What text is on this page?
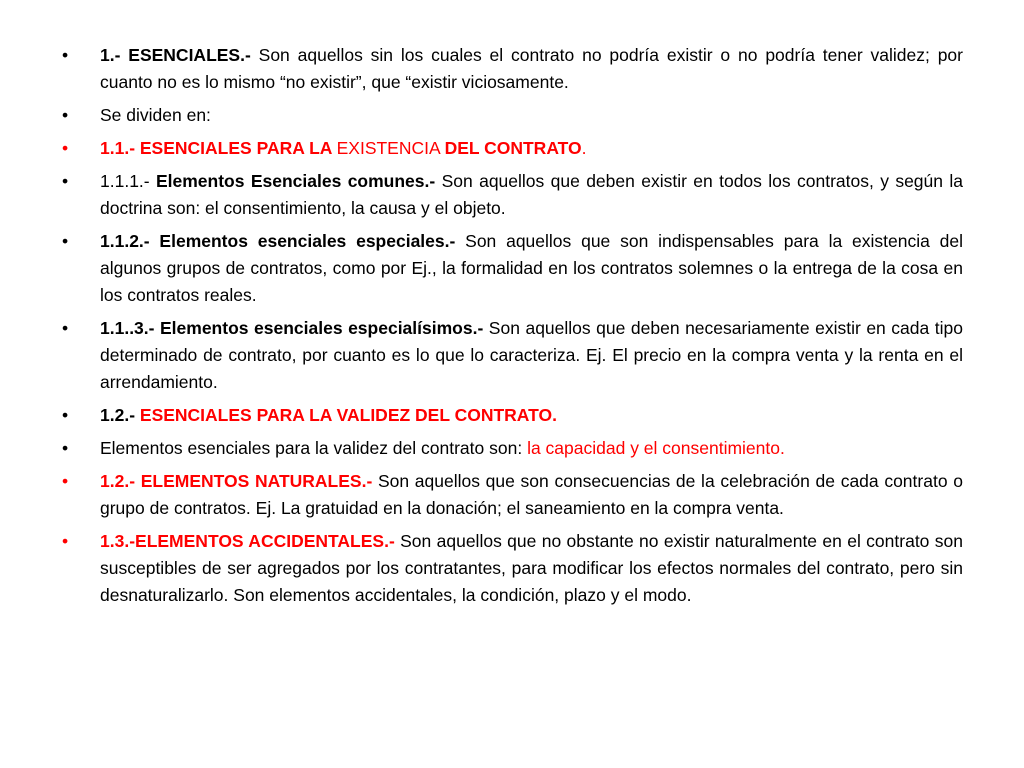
•	1.- ESENCIALES.- Son aquellos sin los cuales el contrato no podría existir o no podría tener validez; por cuanto no es lo mismo “no existir”, que “existir viciosamente.
•	Se dividen en:
•	1.1.- ESENCIALES PARA LA EXISTENCIA DEL CONTRATO.
•	1.1.1.- Elementos Esenciales comunes.- Son aquellos que deben existir en todos los contratos, y según la doctrina son: el consentimiento, la causa y el objeto.
•	1.1.2.- Elementos esenciales especiales.- Son aquellos que son indispensables para la existencia del algunos grupos de contratos, como por Ej., la formalidad en los contratos solemnes o la entrega de la cosa en los contratos reales.
•	1.1..3.- Elementos esenciales especialísimos.- Son aquellos que deben necesariamente existir en cada tipo determinado de contrato, por cuanto es lo que lo caracteriza. Ej. El precio en la compra venta y la renta en el arrendamiento.
•	1.2.- ESENCIALES PARA LA VALIDEZ DEL CONTRATO.
•	Elementos esenciales para la validez del contrato son: la capacidad y el consentimiento.
•	1.2.- ELEMENTOS NATURALES.- Son aquellos que son consecuencias de la celebración de cada contrato o grupo de contratos. Ej. La gratuidad en la donación; el saneamiento en la compra venta.
•	1.3.-ELEMENTOS ACCIDENTALES.- Son aquellos que no obstante no existir naturalmente en el contrato son susceptibles de ser agregados por los contratantes, para modificar los efectos normales del contrato, pero sin desnaturalizarlo. Son elementos accidentales, la condición, plazo y el modo.
